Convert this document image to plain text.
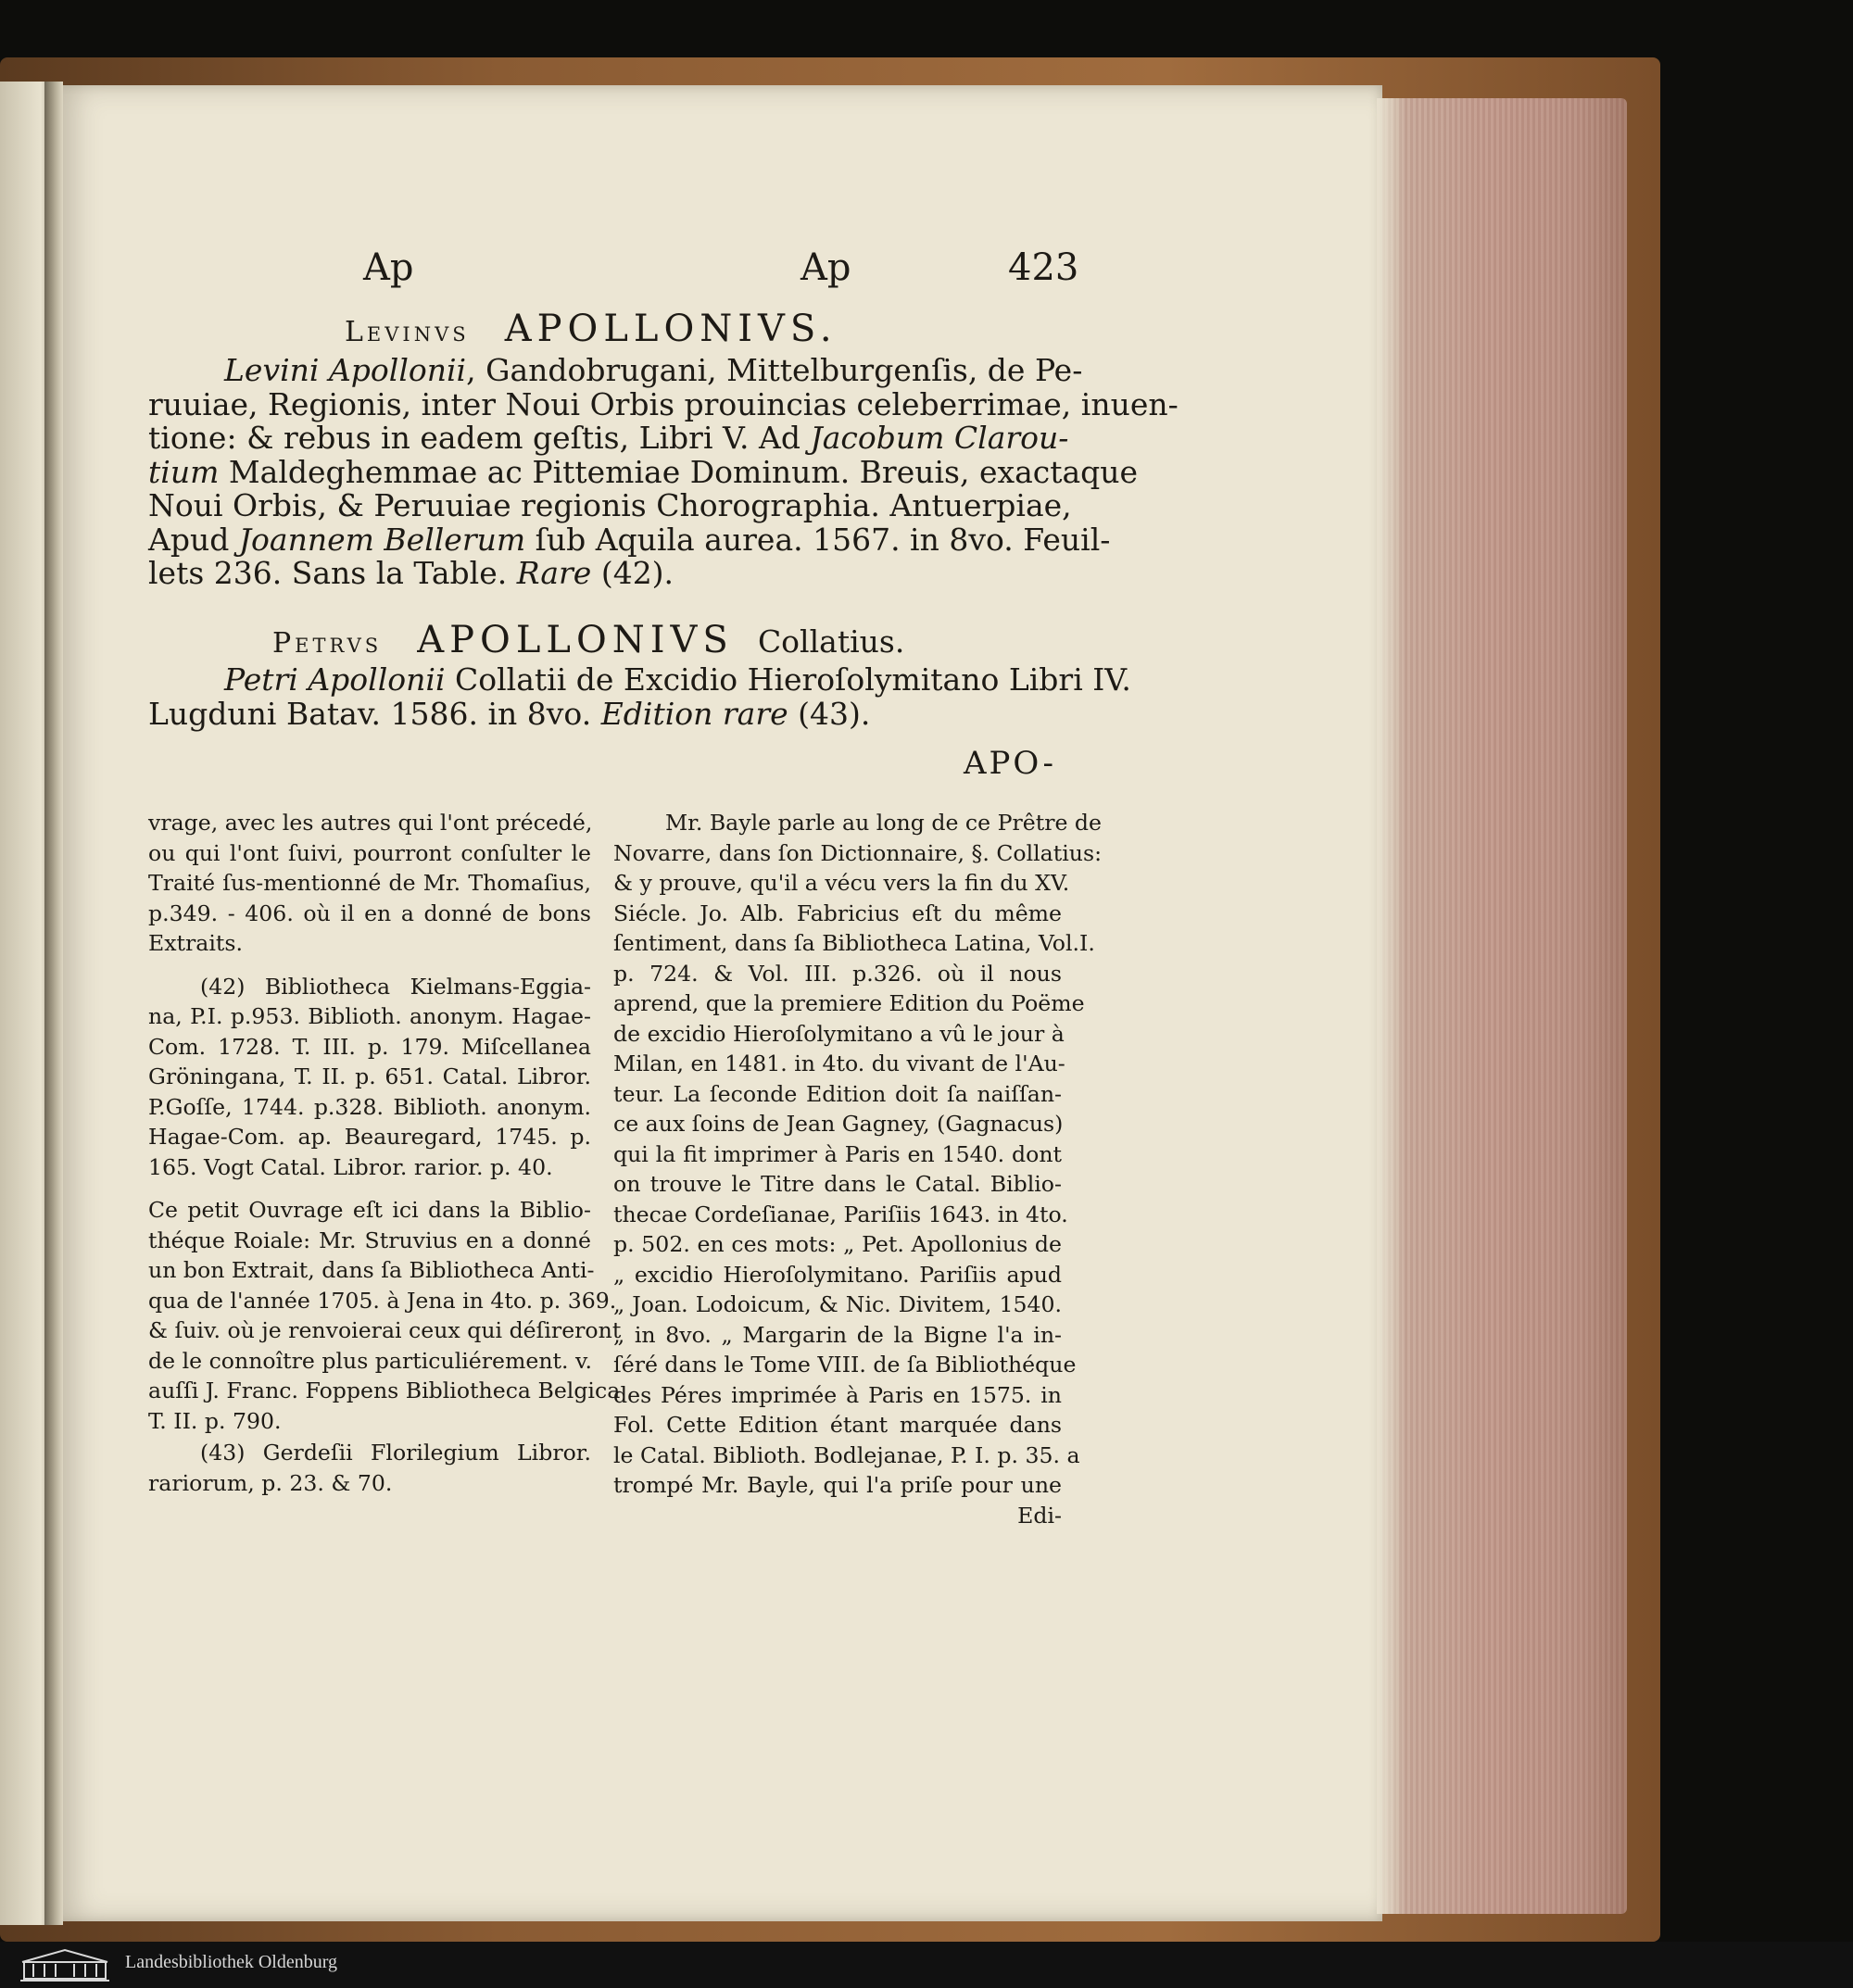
Ap	Ap	423
Levinvs APOLLONIVS.
Levini Apollonii, Gandobrugani, Mittelburgenſis, de Pe-
ruuiae, Regionis, inter Noui Orbis prouincias celeberrimae, inuen-
tione: & rebus in eadem geſtis, Libri V. Ad Jacobum Clarou-
tium Maldeghemmae ac Pittemiae Dominum. Breuis, exactaque
Noui Orbis, & Peruuiae regionis Chorographia. Antuerpiae,
Apud Joannem Bellerum ſub Aquila aurea. 1567. in 8vo. Feuil-
lets 236. Sans la Table. Rare (42).
Petrvs APOLLONIVS Collatius.
Petri Apollonii Collatii de Excidio Hieroſolymitano Libri IV.
Lugduni Batav. 1586. in 8vo. Edition rare (43).
APO-
vrage, avec les autres qui l'ont précedé,
ou qui l'ont ſuivi, pourront conſulter le
Traité ſus-mentionné de Mr. Thomaſius,
p.349. - 406. où il en a donné de bons
Extraits.
(42) Bibliotheca Kielmans-Eggia-
na, P.I. p.953. Biblioth. anonym. Hagae-
Com. 1728. T. III. p. 179. Miſcellanea
Gröningana, T. II. p. 651. Catal. Libror.
P.Goſſe, 1744. p.328. Biblioth. anonym.
Hagae-Com. ap. Beauregard, 1745. p.
165. Vogt Catal. Libror. rarior. p. 40.
Ce petit Ouvrage eſt ici dans la Biblio-
théque Roiale: Mr. Struvius en a donné
un bon Extrait, dans ſa Bibliotheca Anti-
qua de l'année 1705. à Jena in 4to. p. 369.
& ſuiv. où je renvoierai ceux qui déſireront
de le connoître plus particuliérement. v.
auſſi J. Franc. Foppens Bibliotheca Belgica
T. II. p. 790.
(43) Gerdeſii Florilegium Libror.
rariorum, p. 23. & 70.
Mr. Bayle parle au long de ce Prêtre de
Novarre, dans ſon Dictionnaire, §. Collatius:
& y prouve, qu'il a vécu vers la fin du XV.
Siécle. Jo. Alb. Fabricius eſt du même
ſentiment, dans ſa Bibliotheca Latina, Vol.I.
p. 724. & Vol. III. p.326. où il nous
aprend, que la premiere Edition du Poëme
de excidio Hieroſolymitano a vû le jour à
Milan, en 1481. in 4to. du vivant de l'Au-
teur. La ſeconde Edition doit ſa naiſſan-
ce aux ſoins de Jean Gagney, (Gagnacus)
qui la fit imprimer à Paris en 1540. dont
on trouve le Titre dans le Catal. Biblio-
thecae Cordeſianae, Pariſiis 1643. in 4to.
p. 502. en ces mots: „ Pet. Apollonius de
„ excidio Hieroſolymitano. Pariſiis apud
„ Joan. Lodoicum, & Nic. Divitem, 1540.
„ in 8vo. „ Margarin de la Bigne l'a in-
ſéré dans le Tome VIII. de ſa Bibliothéque
des Péres imprimée à Paris en 1575. in
Fol. Cette Edition étant marquée dans
le Catal. Biblioth. Bodlejanae, P. I. p. 35. a
trompé Mr. Bayle, qui l'a priſe pour une
Edi-
Landesbibliothek Oldenburg
